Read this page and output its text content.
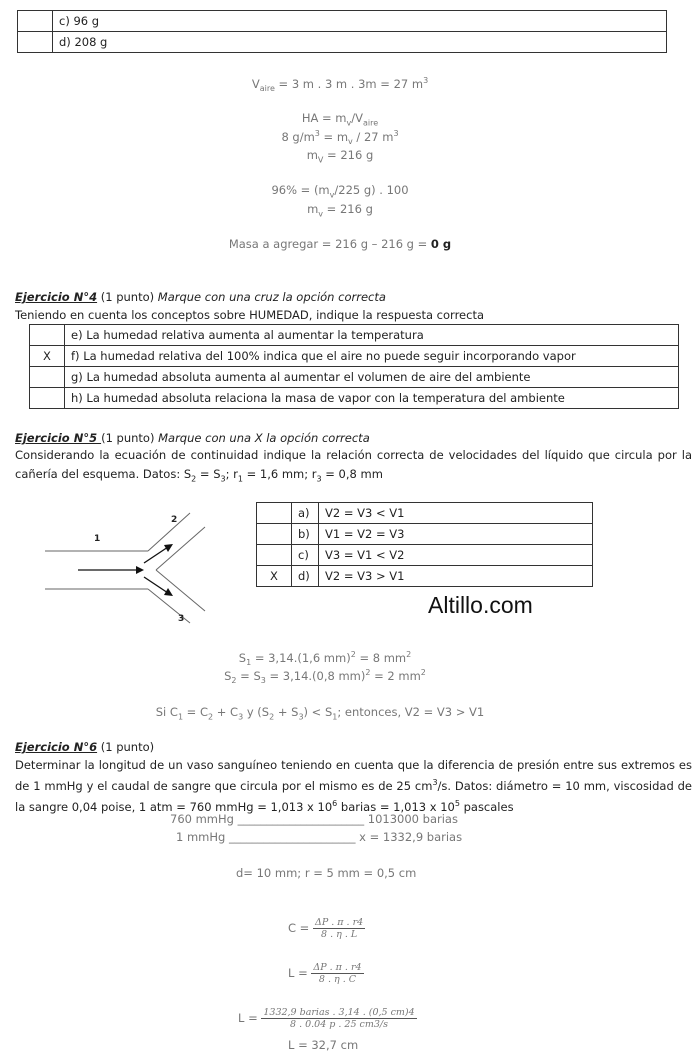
	c) 96 g
	d) 208 g
$V_{aire} = 3$ m . 3 m . 3m = 27 $m^3$
HA = $m_v/V_{aire}$
8 $g/m^3 = m_v / 27$ $m^3$
$m_V = 216$ g
$96\% = (m_v/225$ g) . 100
$m_v = 216$ g
Masa a agregar = 216 g – 216 g = 0 g
Ejercicio N°4 (1 punto) Marque con una cruz la opción correcta
Teniendo en cuenta los conceptos sobre HUMEDAD, indique la respuesta correcta
	e) La humedad relativa aumenta al aumentar la temperatura
X	f) La humedad relativa del 100% indica que el aire no puede seguir incorporando vapor
	g) La humedad absoluta aumenta al aumentar el volumen de aire del ambiente
	h) La humedad absoluta relaciona la masa de vapor con la temperatura del ambiente
Ejercicio N°5 (1 punto) Marque con una X la opción correcta
Considerando la ecuación de continuidad indique la relación correcta de velocidades del líquido que circula por la cañería del esquema. Datos: $S_2 = S_3$; $r_1 = 1,6$ mm; $r_3 = 0,8$ mm
1
2
3
	a)	V2 = V3 < V1
	b)	V1 = V2 = V3
	c)	V3 = V1 < V2
X	d)	V2 = V3 > V1
Altillo.com
$S_1 = 3,14.(1,6$ mm)$^2$ = 8 $mm^2$
$S_2 = S_3 = 3,14.(0,8$ mm)$^2$ = 2 $mm^2$
Si $C_1 = C_2 + C_3$ y $(S_2 + S_3) < S_1$; entonces, V2 = V3 > V1
Ejercicio N°6 (1 punto)
Determinar la longitud de un vaso sanguíneo teniendo en cuenta que la diferencia de presión entre sus extremos es de 1 mmHg y el caudal de sangre que circula por el mismo es de 25 $cm^3/s$. Datos: diámetro = 10 mm, viscosidad de la sangre 0,04 poise, 1 atm = 760 mmHg = 1,013 x $10^6$ barias = 1,013 x $10^5$ pascales
760 mmHg ______________________ 1013000 barias
1 mmHg ______________________ x = 1332,9 barias
d= 10 mm; r = 5 mm = 0,5 cm
$C = \frac{\Delta P . \pi . r4}{8 . \eta . L}$
$L = \frac{\Delta P . \pi . r4}{8 . \eta . C}$
$L = \frac{\text{1332,9 barias . 3,14 . (0,5 cm)4}}{8 . 0.04 p . 25 cm3/s}$
L = 32,7 cm
